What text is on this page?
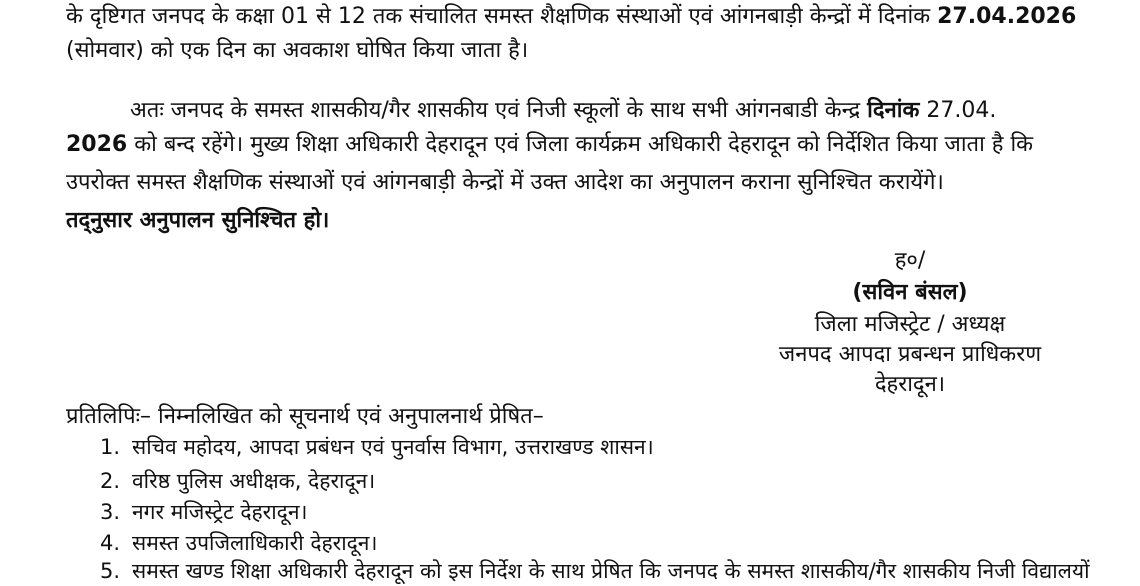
के दृष्टिगत जनपद के कक्षा 01 से 12 तक संचालित समस्त शैक्षणिक संस्थाओं एवं आंगनबाड़ी केन्द्रों में दिनांक 27.04.2026
(सोमवार) को एक दिन का अवकाश घोषित किया जाता है।
अतः जनपद के समस्त शासकीय/गैर शासकीय एवं निजी स्कूलों के साथ सभी आंगनबाडी केन्द्र दिनांक 27.04.
2026 को बन्द रहेंगे। मुख्य शिक्षा अधिकारी देहरादून एवं जिला कार्यक्रम अधिकारी देहरादून को निर्देशित किया जाता है कि
उपरोक्त समस्त शैक्षणिक संस्थाओं एवं आंगनबाड़ी केन्द्रों में उक्त आदेश का अनुपालन कराना सुनिश्चित करायेंगे।
तद्नुसार अनुपालन सुनिश्चित हो।
ह०/
(सविन बंसल)
जिला मजिस्ट्रेट / अध्यक्ष
जनपद आपदा प्रबन्धन प्राधिकरण
देहरादून।
प्रतिलिपिः– निम्नलिखित को सूचनार्थ एवं अनुपालनार्थ प्रेषित–
1. सचिव महोदय, आपदा प्रबंधन एवं पुनर्वास विभाग, उत्तराखण्ड शासन।
2. वरिष्ठ पुलिस अधीक्षक, देहरादून।
3. नगर मजिस्ट्रेट देहरादून।
4. समस्त उपजिलाधिकारी देहरादून।
5. समस्त खण्ड शिक्षा अधिकारी देहरादून को इस निर्देश के साथ प्रेषित कि जनपद के समस्त शासकीय/गैर शासकीय निजी विद्यालयों
